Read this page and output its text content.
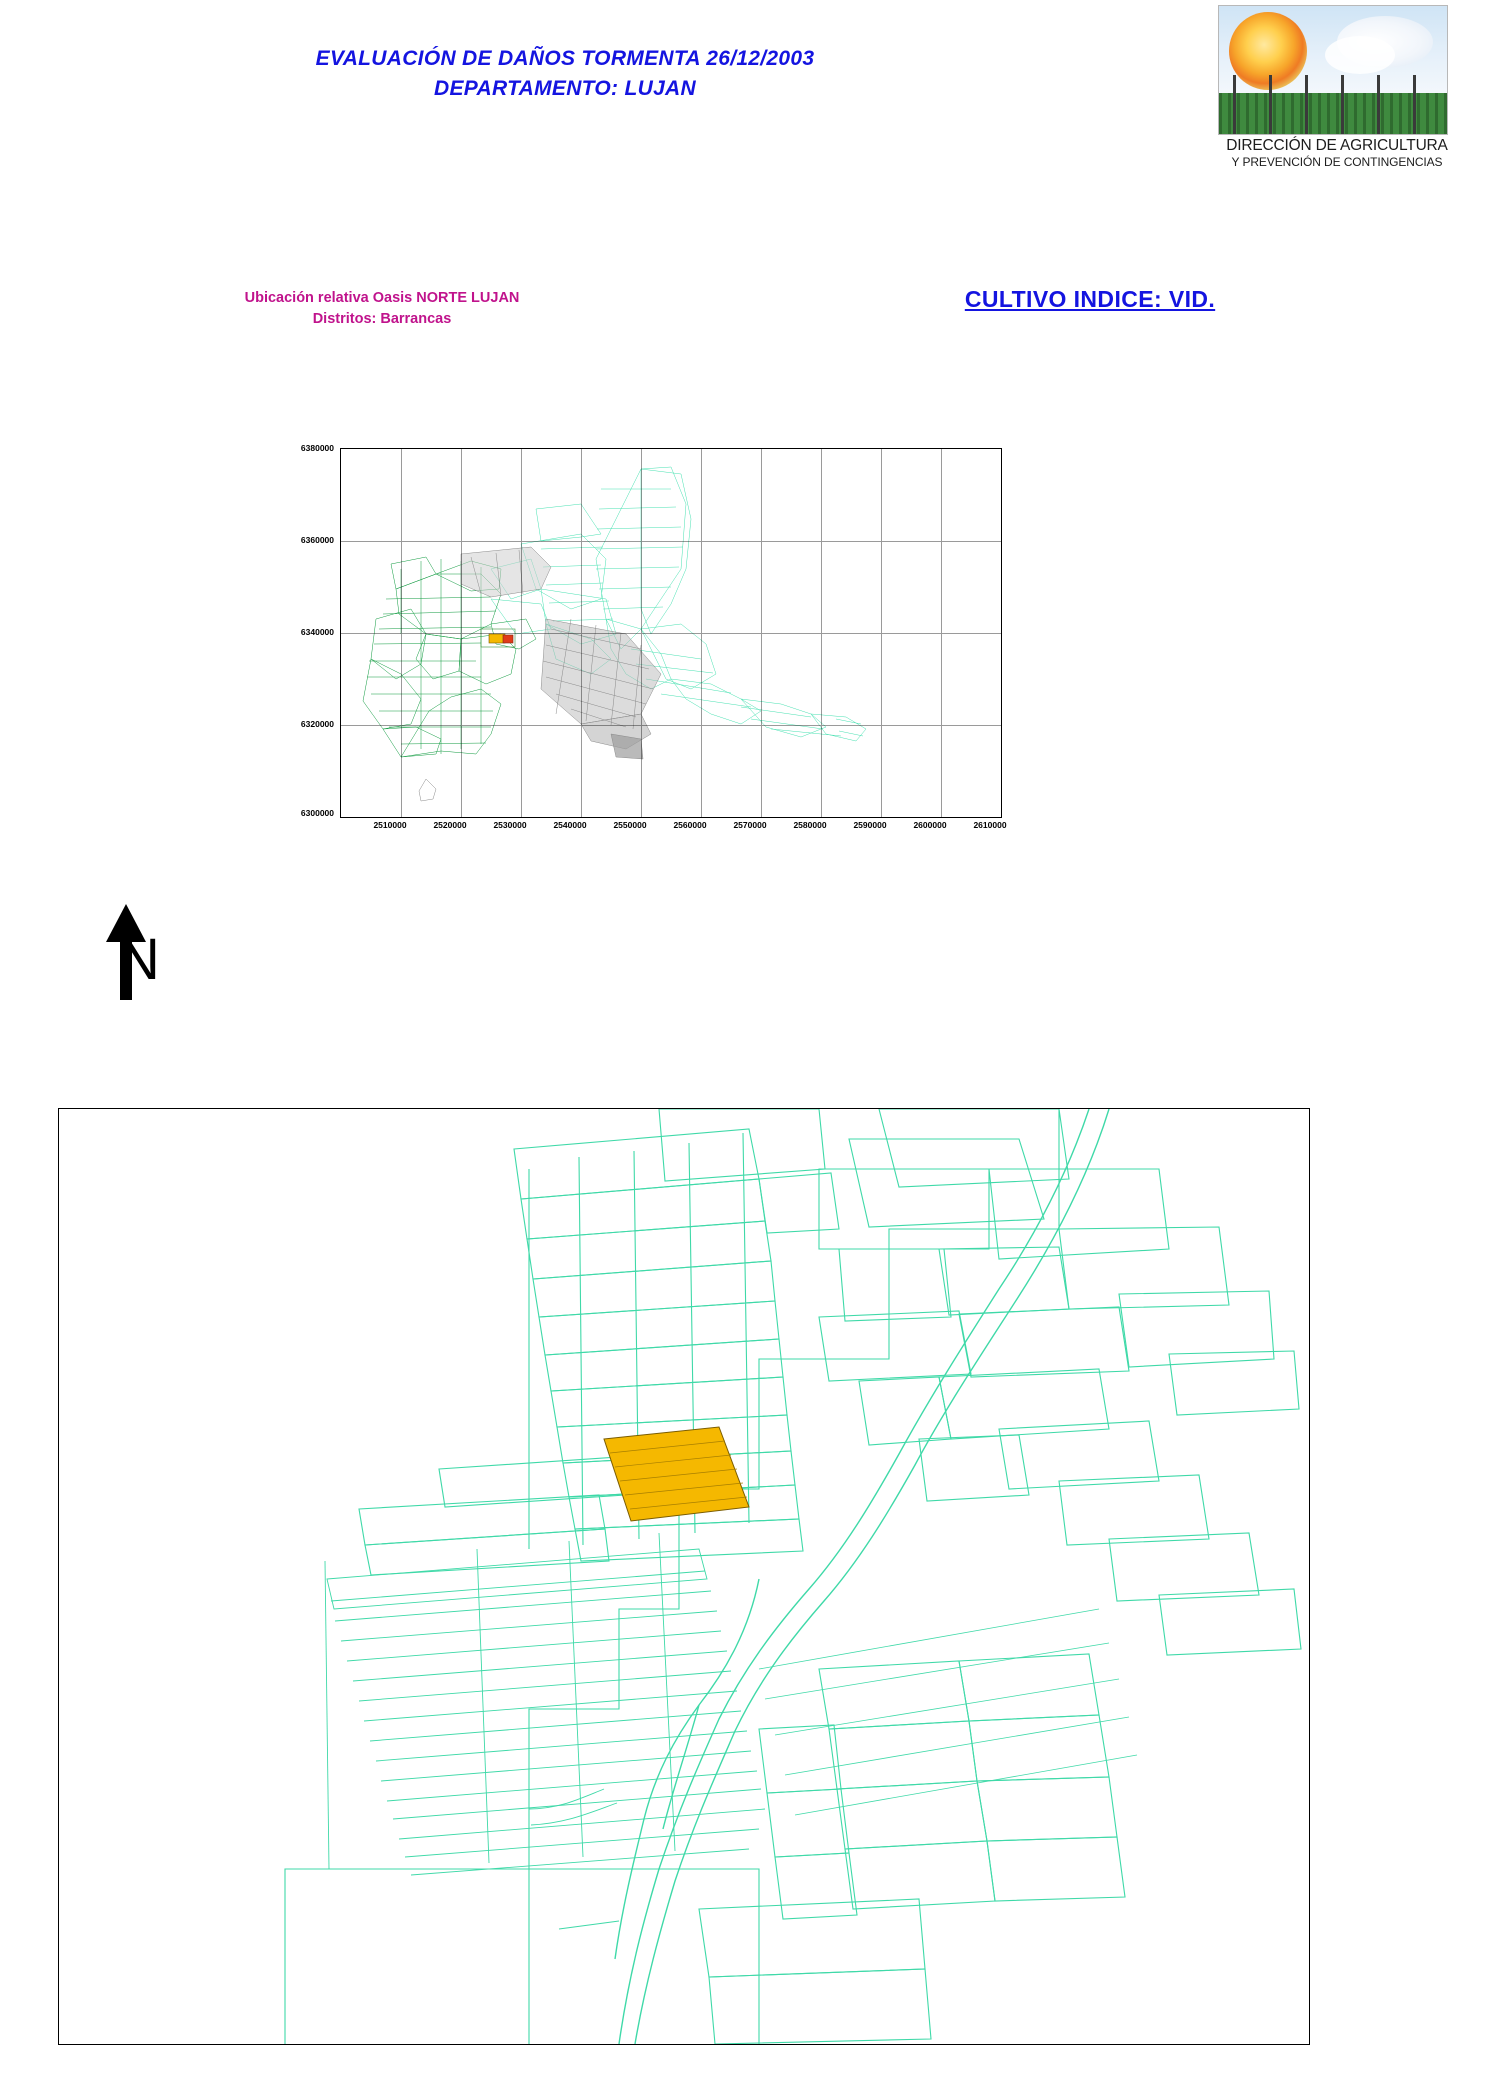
EVALUACIÓN DE DAÑOS TORMENTA 26/12/2003
DEPARTAMENTO: LUJAN
DIRECCIÓN DE AGRICULTURA
Y PREVENCIÓN DE CONTINGENCIAS
Ubicación relativa Oasis NORTE LUJAN
Distritos: Barrancas
CULTIVO INDICE: VID.
6380000
6360000
6340000
6320000
6300000
2510000	2520000	2530000	2540000	2550000	2560000	2570000	2580000	2590000	2600000	2610000
N
